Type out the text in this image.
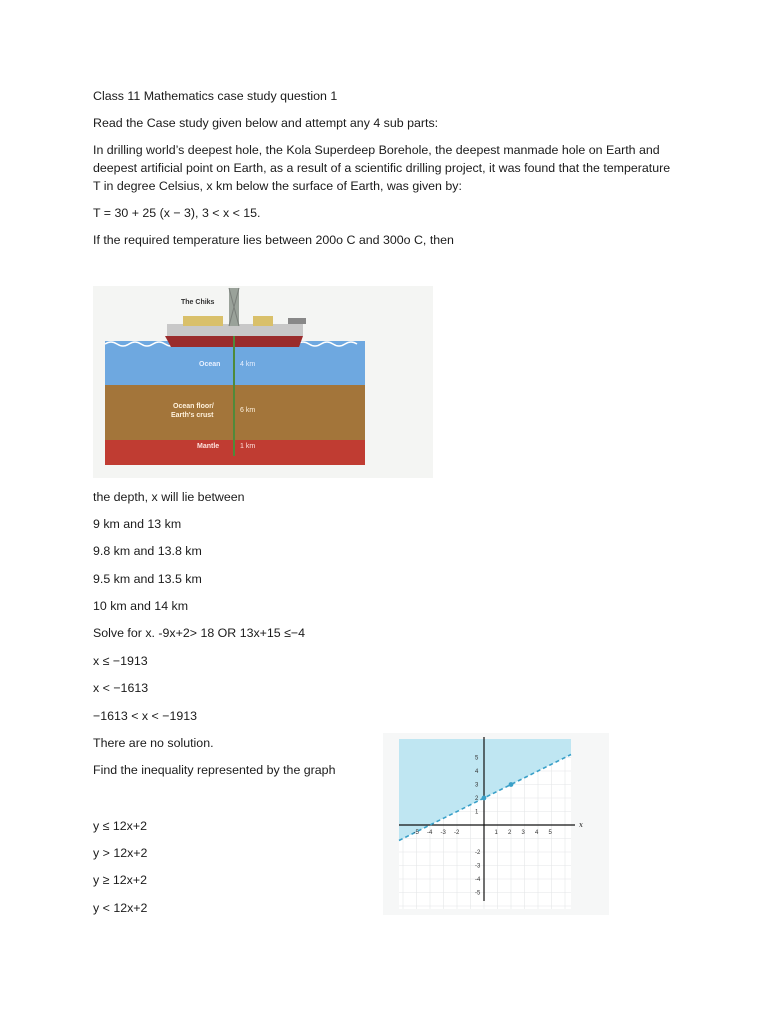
Class 11 Mathematics case study question 1

Read the Case study given below and attempt any 4 sub parts:

In drilling world’s deepest hole, the Kola Superdeep Borehole, the deepest manmade hole on Earth and deepest artificial point on Earth, as a result of a scientific drilling project, it was found that the temperature T in degree Celsius, x km below the surface of Earth, was given by:

T = 30 + 25 (x − 3), 3 < x < 15.

If the required temperature lies between 200o C and 300o C, then

The Chiks
Ocean	4 km
Ocean floor/
Earth's crust
6 km
Mantle	1 km

the depth, x will lie between

9 km and 13 km

9.8 km and 13.8 km

9.5 km and 13.5 km

10 km and 14 km

Solve for x. -9x+2> 18 OR 13x+15 ≤−4

x ≤ −1913

x < −1613

−1613 < x < −1913

There are no solution.

Find the inequality represented by the graph

y ≤ 12x+2

y > 12x+2

y ≥ 12x+2

y < 12x+2

-5 -4 -3 -2	1 2 3 4 5
5
4
3
2
1
-2
-3
-4
-5
x
